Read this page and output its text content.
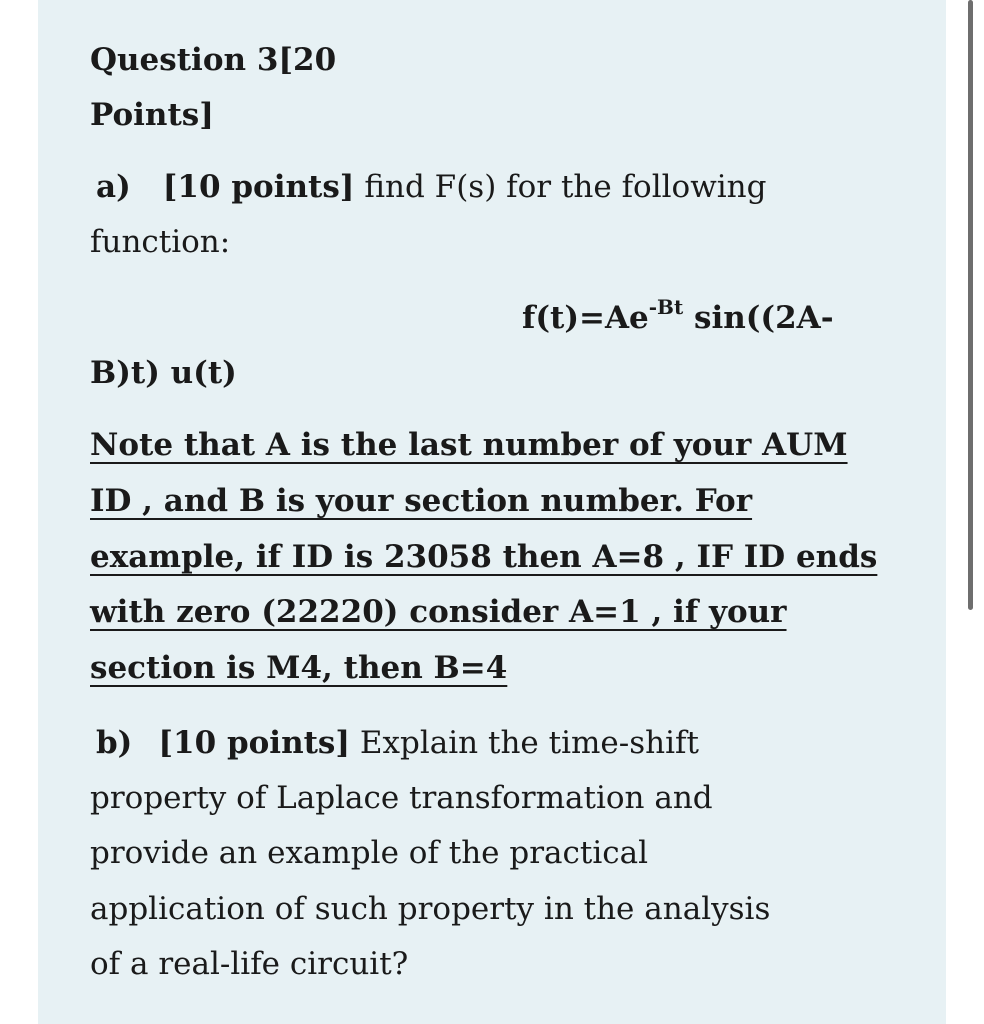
Question 3[20
Points]
a) [10 points] find F(s) for the following
function:
$f(t)=Ae^{-Bt}$ sin((2A-
B)t) u(t)
Note that A is the last number of your AUM
ID , and B is your section number. For
example, if ID is 23058 then A=8 , IF ID ends
with zero (22220) consider A=1 , if your
section is M4, then B=4
b) [10 points] Explain the time-shift
property of Laplace transformation and
provide an example of the practical
application of such property in the analysis
of a real-life circuit?
